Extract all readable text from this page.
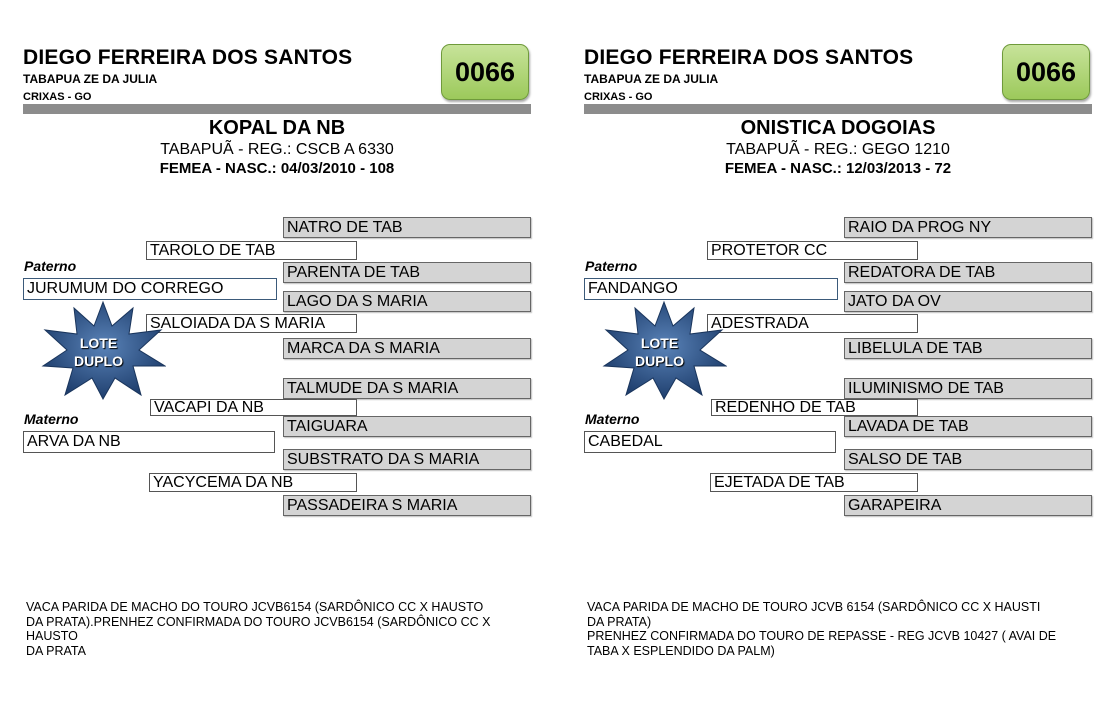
DIEGO FERREIRA DOS SANTOS
TABAPUA ZE DA JULIA
CRIXAS - GO
0066
KOPAL DA NB
TABAPUÃ - REG.: CSCB A 6330
FEMEA - NASC.: 04/03/2010 - 108
NATRO DE TAB
TAROLO DE TAB
Paterno	PARENTA DE TAB
JURUMUM DO CORREGO
LAGO DA S MARIA
SALOIADA DA S MARIA
MARCA DA S MARIA
LOTE
DUPLO
TALMUDE DA S MARIA
VACAPI DA NB
Materno	TAIGUARA
ARVA DA NB
SUBSTRATO DA S MARIA
YACYCEMA DA NB
PASSADEIRA S MARIA
VACA PARIDA DE MACHO DO TOURO JCVB6154 (SARDÔNICO CC X HAUSTO
DA PRATA).PRENHEZ CONFIRMADA DO TOURO JCVB6154 (SARDÔNICO CC X
HAUSTO
DA PRATA
DIEGO FERREIRA DOS SANTOS
TABAPUA ZE DA JULIA
CRIXAS - GO
0066
ONISTICA DOGOIAS
TABAPUÃ - REG.: GEGO 1210
FEMEA - NASC.: 12/03/2013 - 72
RAIO DA PROG NY
PROTETOR CC
Paterno	REDATORA DE TAB
FANDANGO
JATO DA OV
ADESTRADA
LIBELULA DE TAB
LOTE
DUPLO
ILUMINISMO DE TAB
REDENHO DE TAB
Materno	LAVADA DE TAB
CABEDAL
SALSO DE TAB
EJETADA DE TAB
GARAPEIRA
VACA PARIDA DE MACHO DE TOURO JCVB 6154 (SARDÔNICO CC X HAUSTI
DA PRATA)
PRENHEZ CONFIRMADA DO TOURO DE REPASSE - REG JCVB 10427 ( AVAI DE
TABA X ESPLENDIDO DA PALM)
